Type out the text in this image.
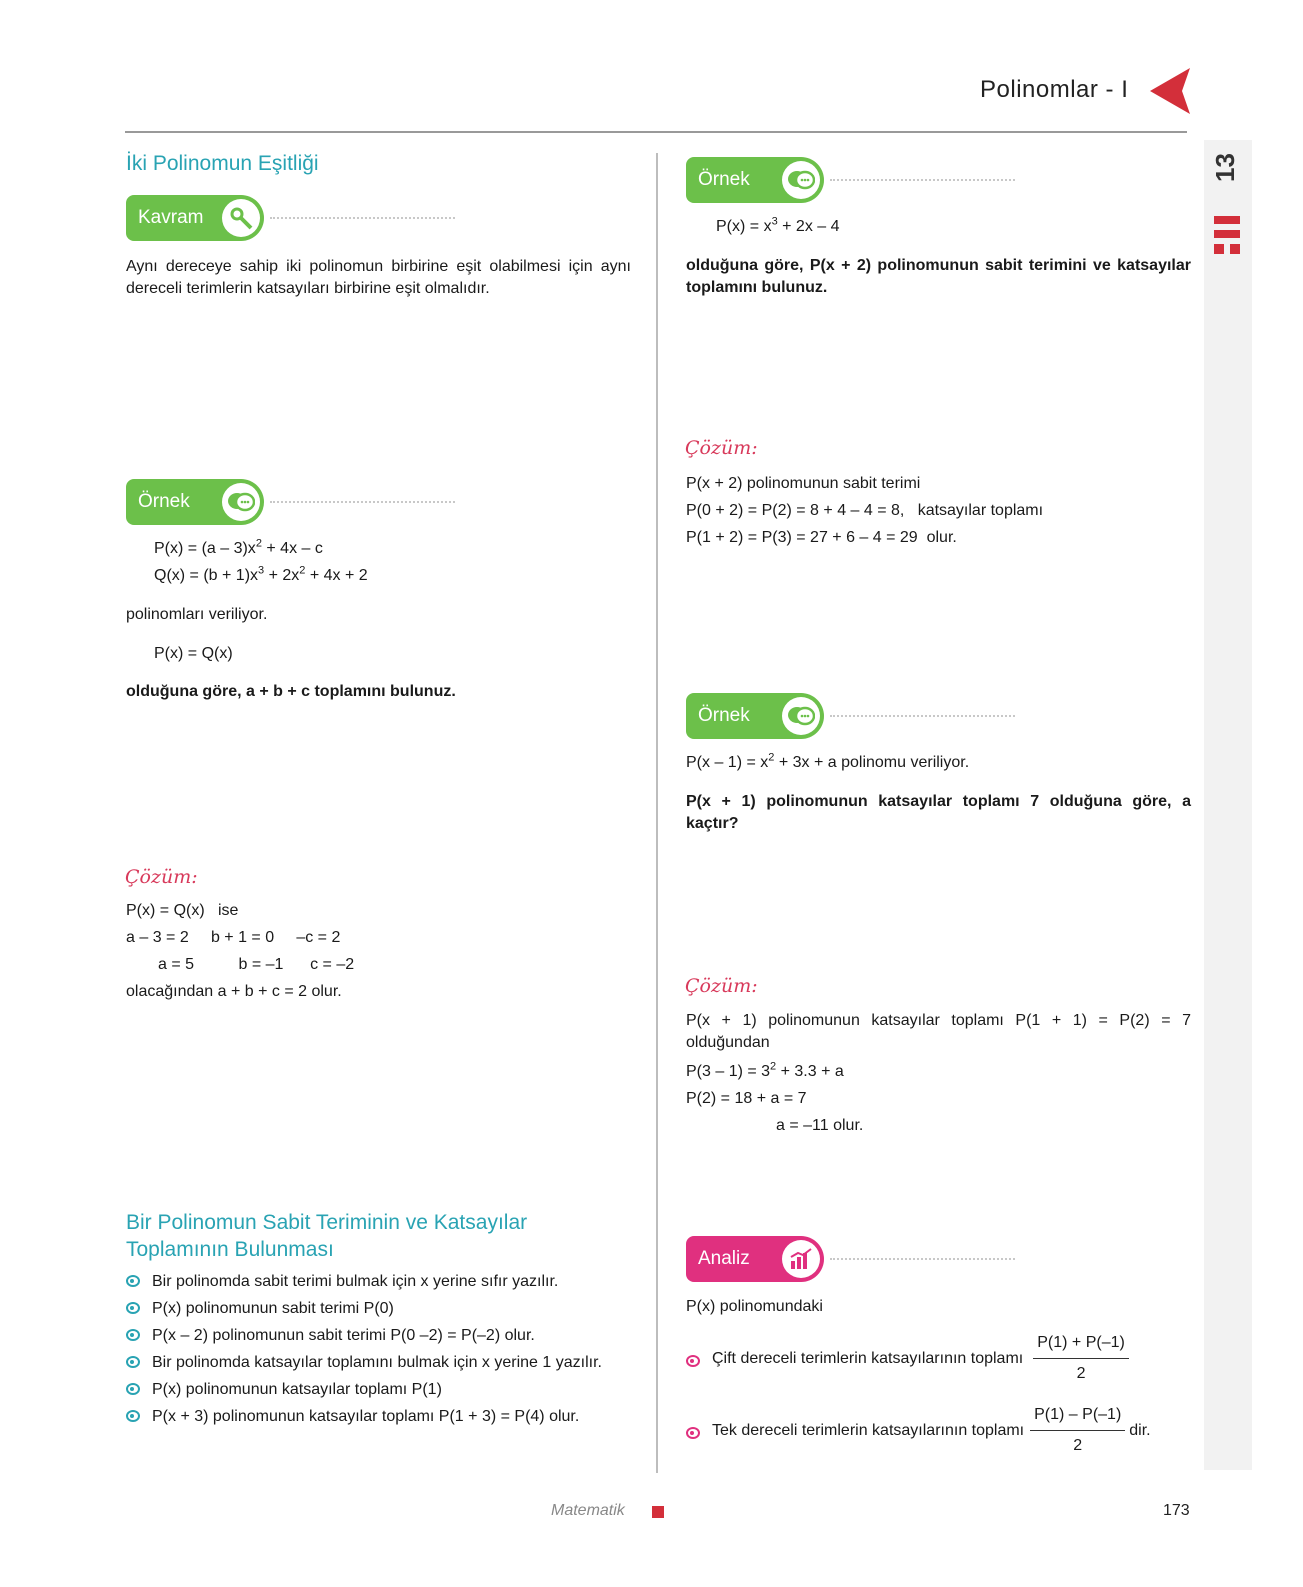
Polinomlar - I
13
İki Polinomun Eşitliği
Kavram
Aynı dereceye sahip iki polinomun birbirine eşit olabilmesi için aynı dereceli terimlerin katsayıları birbirine eşit olmalıdır.
Örnek
$P(x) = (a - 3)x^2 + 4x - c$
$Q(x) = (b + 1)x^3 + 2x^2 + 4x + 2$
polinomları veriliyor.
P(x) = Q(x)
olduğuna göre, a + b + c toplamını bulunuz.
Çözüm:
P(x) = Q(x)   ise
a – 3 = 2     b + 1 = 0     –c = 2
a = 5          b = –1      c = –2
olacağından a + b + c = 2 olur.
Bir Polinomun Sabit Teriminin ve Katsayılar
Toplamının Bulunması
Bir polinomda sabit terimi bulmak için x yerine sıfır yazılır.
P(x) polinomunun sabit terimi P(0)
P(x – 2) polinomunun sabit terimi P(0 –2) = P(–2) olur.
Bir polinomda katsayılar toplamını bulmak için x yerine 1 yazılır.
P(x) polinomunun katsayılar toplamı P(1)
P(x + 3) polinomunun katsayılar toplamı P(1 + 3) = P(4) olur.
Örnek
$P(x) = x^3 + 2x - 4$
olduğuna göre, P(x + 2) polinomunun sabit terimini ve katsayılar toplamını bulunuz.
Çözüm:
P(x + 2) polinomunun sabit terimi
P(0 + 2) = P(2) = 8 + 4 – 4 = 8,   katsayılar toplamı
P(1 + 2) = P(3) = 27 + 6 – 4 = 29  olur.
Örnek
$P(x - 1) = x^2 + 3x + a$ polinomu veriliyor.
P(x + 1) polinomunun katsayılar toplamı 7 olduğuna göre, a kaçtır?
Çözüm:
P(x + 1) polinomunun katsayılar toplamı P(1 + 1) = P(2) = 7 olduğundan
$P(3 - 1) = 3^2 + 3.3 + a$
P(2) = 18 + a = 7
a = –11 olur.
Analiz
P(x) polinomundaki
Çift dereceli terimlerin katsayılarının toplamı $\frac{P(1) + P(-1)}{2}$
Tek dereceli terimlerin katsayılarının toplamı $\frac{P(1) - P(-1)}{2}$ dir.
Matematik	173
